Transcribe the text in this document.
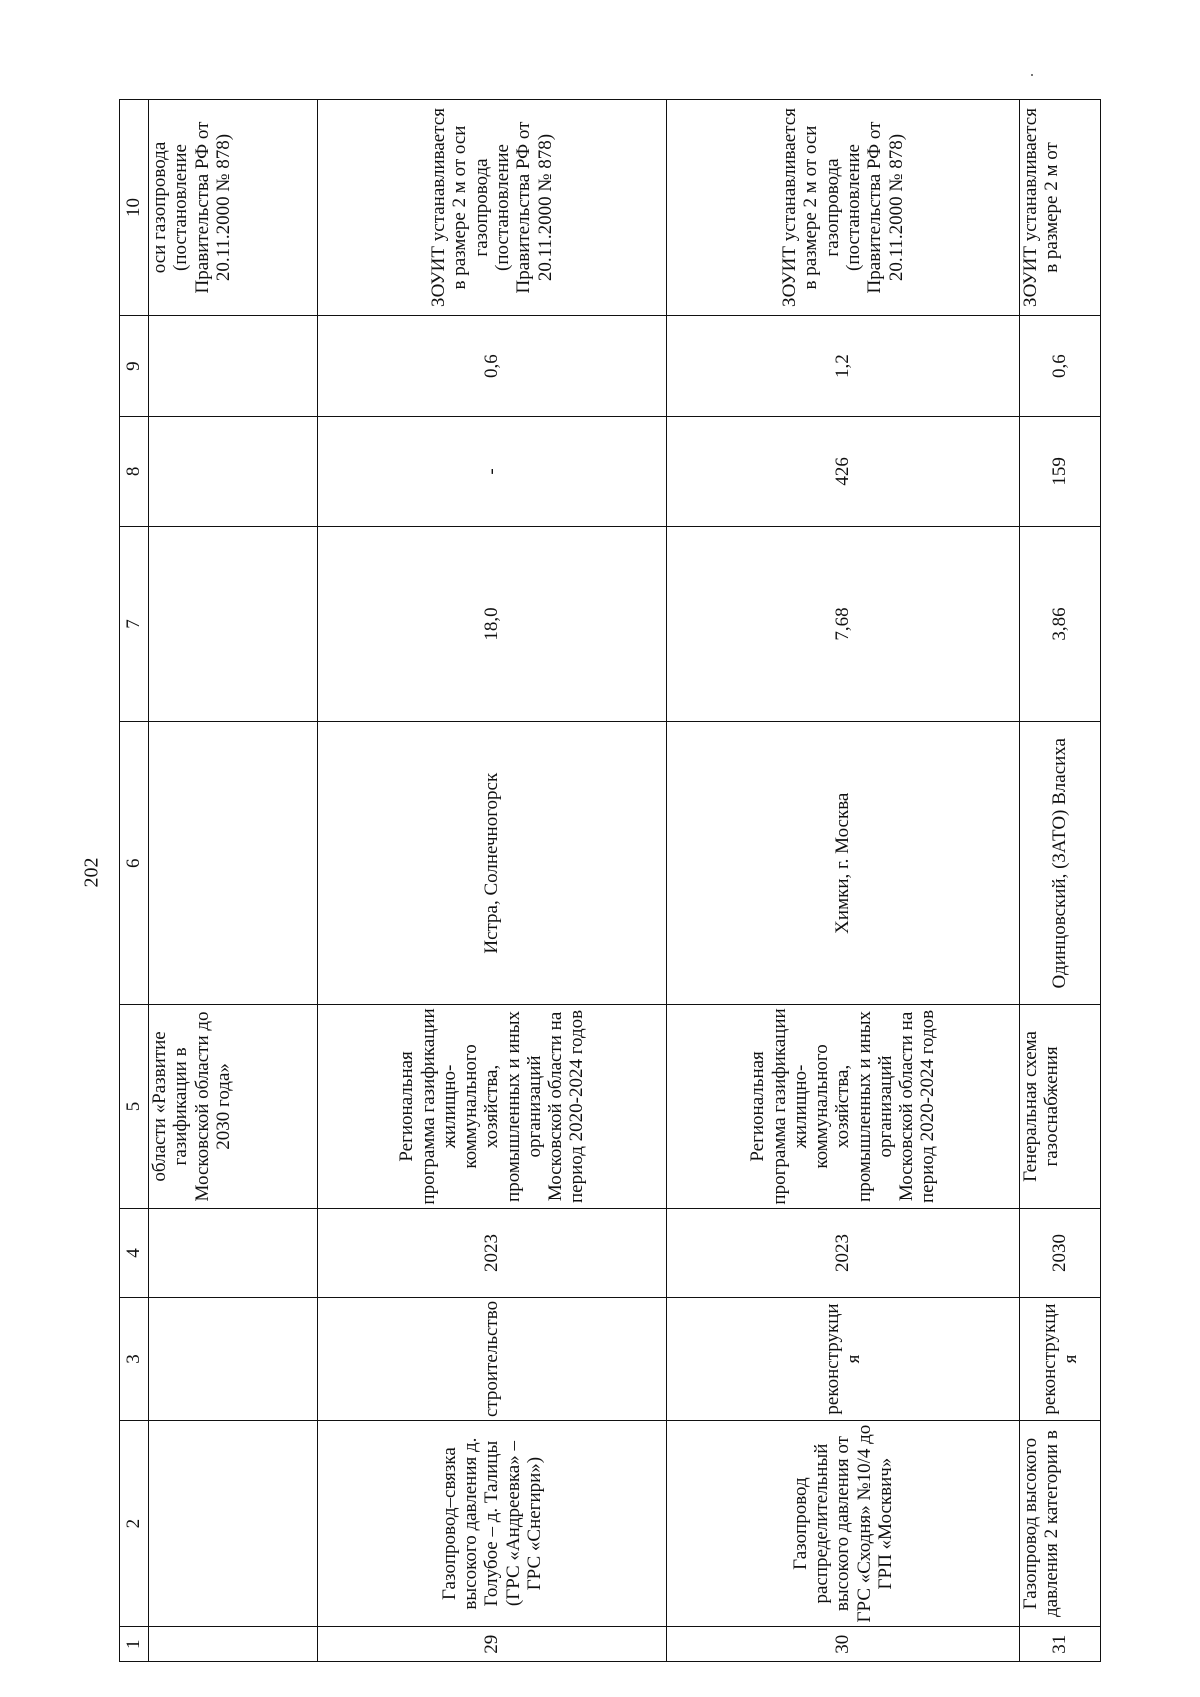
202
1	2	3	4	5	6	7	8	9	10
				области «Развитие газификации в Московской области до 2030 года»					оси газопровода (постановление Правительства РФ от 20.11.2000 № 878)
29	Газопровод–связка высокого давления д. Голубое – д. Талицы (ГРС «Андреевка» – ГРС «Снегири»)	строительство	2023	Региональная программа газификации жилищно-коммунального хозяйства, промышленных и иных организаций Московской области на период 2020-2024 годов	Истра, Солнечногорск	18,0	-	0,6	ЗОУИТ устанавливается в размере 2 м от оси газопровода (постановление Правительства РФ от 20.11.2000 № 878)
30	Газопровод распределительный высокого давления от ГРС «Сходня» №10/4 до ГРП «Москвич»	реконструкция	2023	Региональная программа газификации жилищно-коммунального хозяйства, промышленных и иных организаций Московской области на период 2020-2024 годов	Химки, г. Москва	7,68	426	1,2	ЗОУИТ устанавливается в размере 2 м от оси газопровода (постановление Правительства РФ от 20.11.2000 № 878)
31	Газопровод высокого давления 2 категории в	реконструкция	2030	Генеральная схема газоснабжения	Одинцовский, (ЗАТО) Власиха	3,86	159	0,6	ЗОУИТ устанавливается в размере 2 м от
